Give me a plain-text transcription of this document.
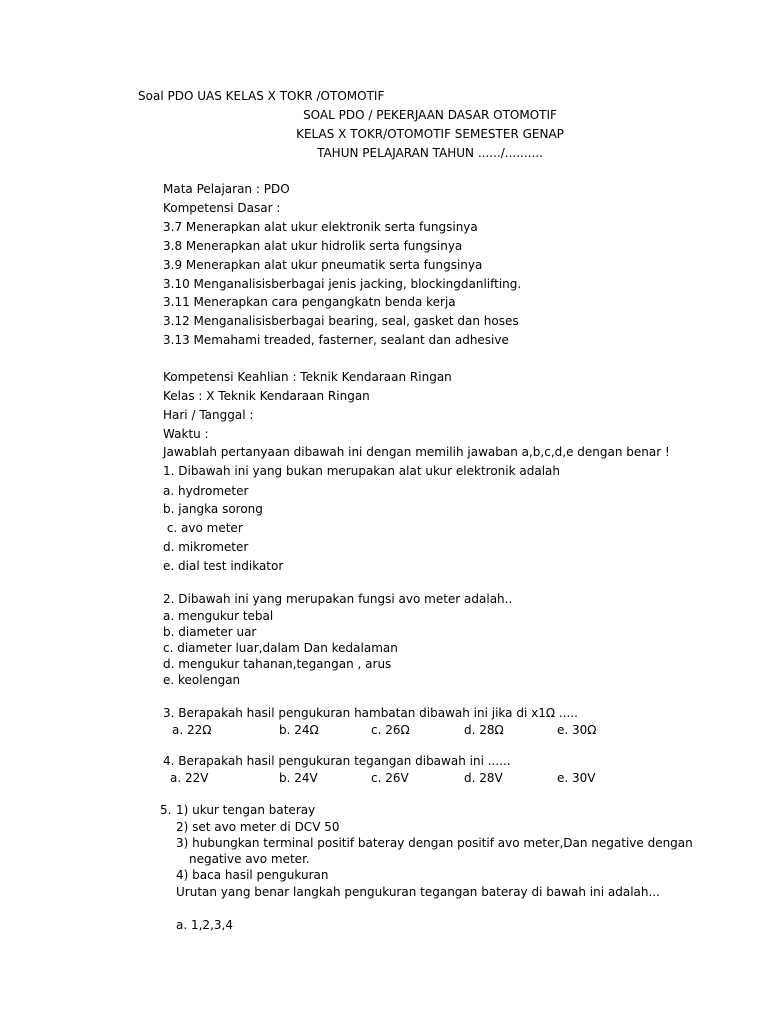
Soal PDO UAS KELAS X TOKR /OTOMOTIF
SOAL PDO / PEKERJAAN DASAR OTOMOTIF
KELAS X TOKR/OTOMOTIF SEMESTER GENAP
TAHUN PELAJARAN TAHUN ....../..........
Mata Pelajaran : PDO
Kompetensi Dasar :
3.7 Menerapkan alat ukur elektronik serta fungsinya
3.8 Menerapkan alat ukur hidrolik serta fungsinya
3.9 Menerapkan alat ukur pneumatik serta fungsinya
3.10 Menganalisisberbagai jenis jacking, blockingdanlifting.
3.11 Menerapkan cara pengangkatn benda kerja
3.12 Menganalisisberbagai bearing, seal, gasket dan hoses
3.13 Memahami treaded, fasterner, sealant dan adhesive
Kompetensi Keahlian : Teknik Kendaraan Ringan
Kelas : X Teknik Kendaraan Ringan
Hari / Tanggal :
Waktu :
Jawablah pertanyaan dibawah ini dengan memilih jawaban a,b,c,d,e dengan benar !
1. Dibawah ini yang bukan merupakan alat ukur elektronik adalah
a. hydrometer
b. jangka sorong
c. avo meter
d. mikrometer
e. dial test indikator
2. Dibawah ini yang merupakan fungsi avo meter adalah..
a. mengukur tebal
b. diameter uar
c. diameter luar,dalam Dan kedalaman
d. mengukur tahanan,tegangan , arus
e. keolengan
3. Berapakah hasil pengukuran hambatan dibawah ini jika di x1Ω .....
a. 22Ω	b. 24Ω	c. 26Ω	d. 28Ω	e. 30Ω
4. Berapakah hasil pengukuran tegangan dibawah ini ......
a. 22V	b. 24V	c. 26V	d. 28V	e. 30V
5. 1) ukur tengan bateray
2) set avo meter di DCV 50
3) hubungkan terminal positif bateray dengan positif avo meter,Dan negative dengan
negative avo meter.
4) baca hasil pengukuran
Urutan yang benar langkah pengukuran tegangan bateray di bawah ini adalah...
a. 1,2,3,4
